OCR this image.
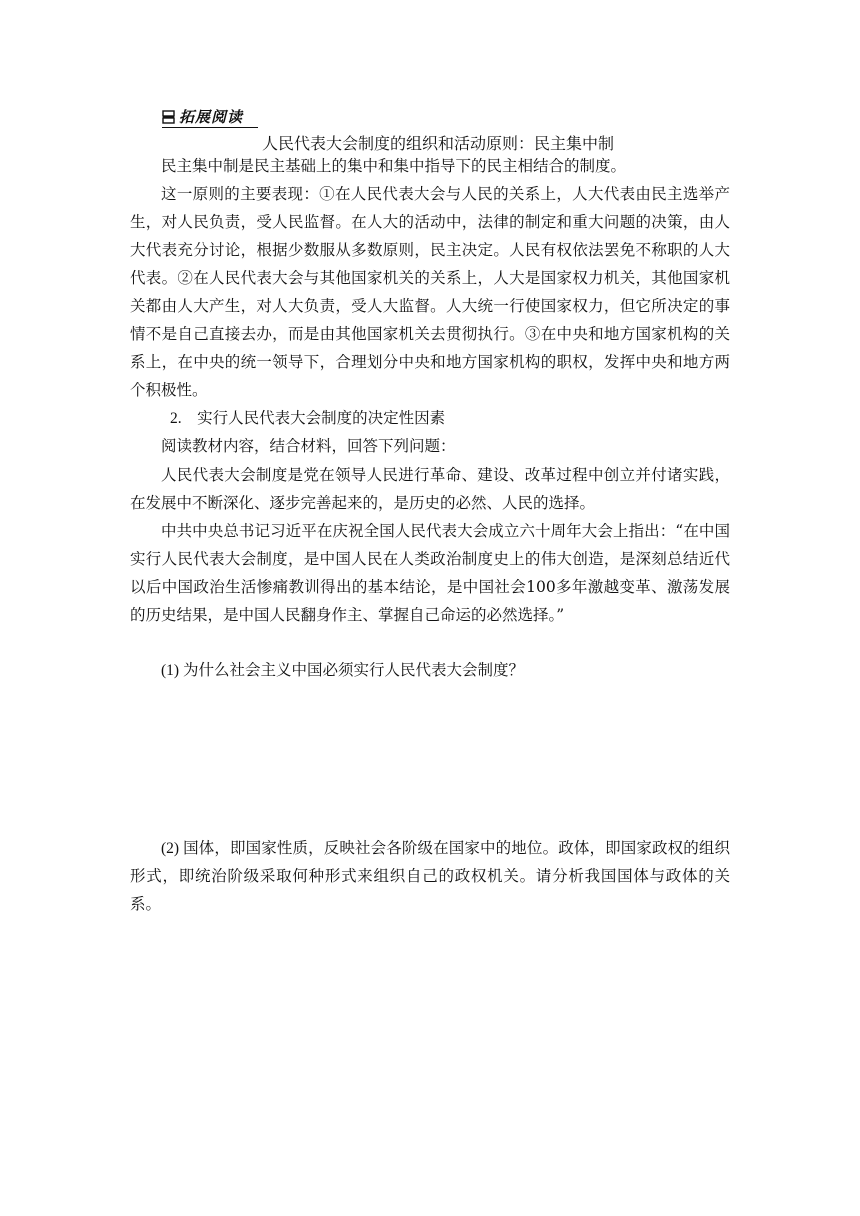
拓展阅读
人民代表大会制度的组织和活动原则：民主集中制
民主集中制是民主基础上的集中和集中指导下的民主相结合的制度。
这一原则的主要表现：①在人民代表大会与人民的关系上，人大代表由民主选举产生，对人民负责，受人民监督。在人大的活动中，法律的制定和重大问题的决策，由人大代表充分讨论，根据少数服从多数原则，民主决定。人民有权依法罢免不称职的人大代表。②在人民代表大会与其他国家机关的关系上，人大是国家权力机关，其他国家机关都由人大产生，对人大负责，受人大监督。人大统一行使国家权力，但它所决定的事情不是自己直接去办，而是由其他国家机关去贯彻执行。③在中央和地方国家机构的关系上，在中央的统一领导下，合理划分中央和地方国家机构的职权，发挥中央和地方两个积极性。
2.　实行人民代表大会制度的决定性因素
阅读教材内容，结合材料，回答下列问题：
人民代表大会制度是党在领导人民进行革命、建设、改革过程中创立并付诸实践，在发展中不断深化、逐步完善起来的，是历史的必然、人民的选择。
中共中央总书记习近平在庆祝全国人民代表大会成立六十周年大会上指出：“在中国实行人民代表大会制度，是中国人民在人类政治制度史上的伟大创造，是深刻总结近代以后中国政治生活惨痛教训得出的基本结论，是中国社会100多年激越变革、激荡发展的历史结果，是中国人民翻身作主、掌握自己命运的必然选择。”
(1) 为什么社会主义中国必须实行人民代表大会制度？
(2) 国体，即国家性质，反映社会各阶级在国家中的地位。政体，即国家政权的组织形式，即统治阶级采取何种形式来组织自己的政权机关。请分析我国国体与政体的关系。
